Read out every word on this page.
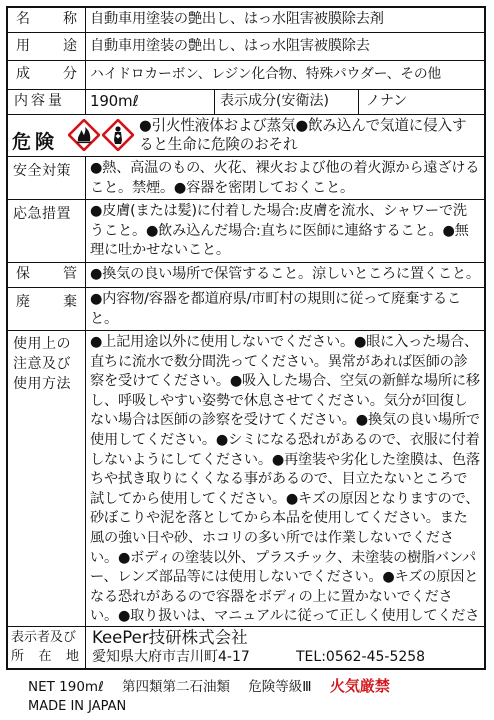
名 称 自動車用塗装の艶出し、はっ水阻害被膜除去剤
用 途 自動車用塗装の艶出し、はっ水阻害被膜除去
成 分 ハイドロカーボン、レジン化合物、特殊パウダー、その他
内容量	190mℓ	表示成分(安衛法)	ノナン
危険
●引火性液体および蒸気●飲み込んで気道に侵入すると生命に危険のおそれ
安全対策	●熱、高温のもの、火花、裸火および他の着火源から遠ざけること。禁煙。●容器を密閉しておくこと。
応急措置	●皮膚(または髪)に付着した場合:皮膚を流水、シャワーで洗うこと。●飲み込んだ場合:直ちに医師に連絡すること。●無理に吐かせないこと。
保 管 ●換気の良い場所で保管すること。涼しいところに置くこと。
廃 棄 ●内容物/容器を都道府県/市町村の規則に従って廃棄すること。
使用上の
注意及び
使用方法

●上記用途以外に使用しないでください。●眼に入った場合、直ちに流水で数分間洗ってください。異常があれば医師の診察を受けてください。●吸入した場合、空気の新鮮な場所に移し、呼吸しやすい姿勢で休息させてください。気分が回復しない場合は医師の診察を受けてください。●換気の良い場所で使用してください。●シミになる恐れがあるので、衣服に付着しないようにしてください。●再塗装や劣化した塗膜は、色落ちや拭き取りにくくなる事があるので、目立たないところで試してから使用してください。●キズの原因となりますので、砂ぼこりや泥を落としてから本品を使用してください。また風の強い日や砂、ホコリの多い所では作業しないでください。●ボディの塗装以外、プラスチック、未塗装の樹脂バンパー、レンズ部品等には使用しないでください。●キズの原因となる恐れがあるので容器をボディの上に置かないでください。●取り扱いは、マニュアルに従って正しく使用してくださ

表示者及び
所 在 地
KeePer技研株式会社
愛知県大府市吉川町4-17	TEL:0562-45-5258
NET 190mℓ 第四類第二石油類 危険等級Ⅲ 火気厳禁
MADE IN JAPAN
